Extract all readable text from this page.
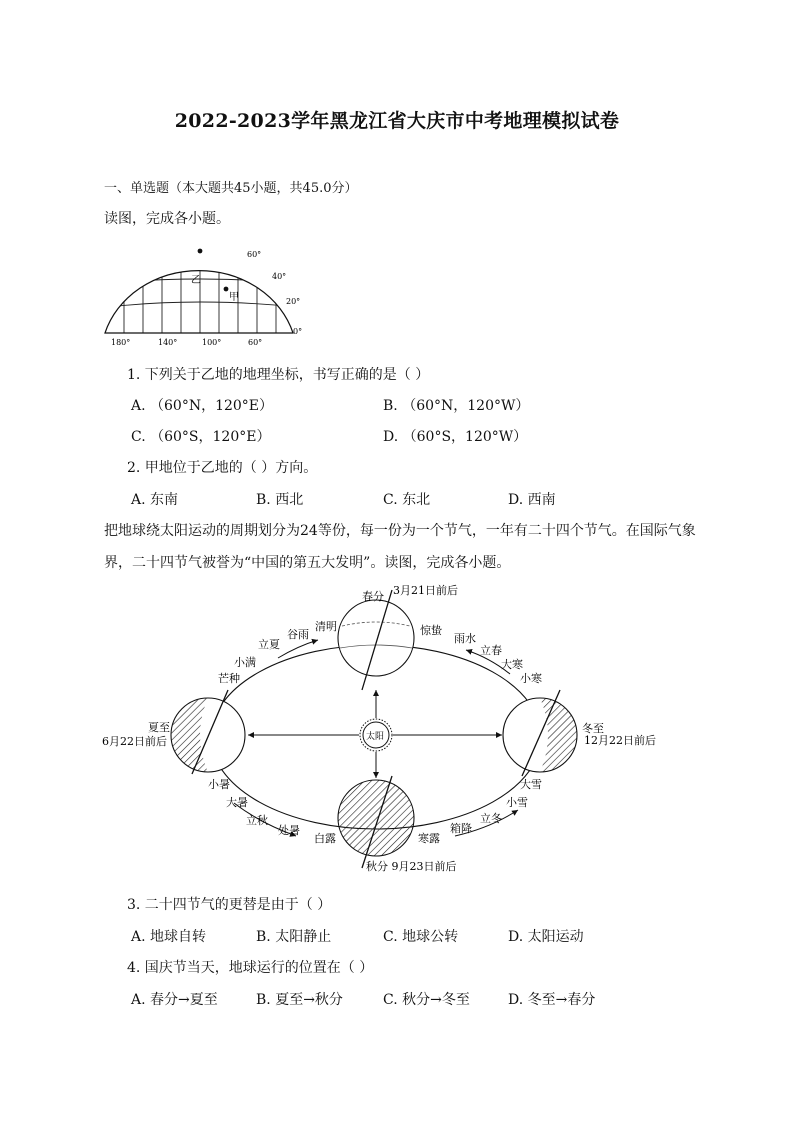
2022-2023学年黑龙江省大庆市中考地理模拟试卷
一、单选题（本大题共45小题，共45.0分）
读图，完成各小题。
乙
甲
60°
40°
20°
0°
180°	140°	100°	60°
1. 下列关于乙地的地理坐标，书写正确的是（ ）
A. （60°N，120°E）	B. （60°N，120°W）
C. （60°S，120°E）	D. （60°S，120°W）
2. 甲地位于乙地的（ ）方向。
A. 东南	B. 西北	C. 东北	D. 西南
把地球绕太阳运动的周期划分为24等份，每一份为一个节气，一年有二十四个节气。在国际气象
界，二十四节气被誉为“中国的第五大发明”。读图，完成各小题。
太阳
春分 3月21日前后
夏至
6月22日前后
冬至
12月22日前后
秋分 9月23日前后
清明
谷雨
立夏
小满
芒种
惊蛰
雨水
立春
大寒
小寒
小暑
大暑
立秋
处暑
白露
大雪
小雪
立冬
箱降
寒露
3. 二十四节气的更替是由于（ ）
A. 地球自转	B. 太阳静止	C. 地球公转	D. 太阳运动
4. 国庆节当天，地球运行的位置在（ ）
A. 春分→夏至	B. 夏至→秋分	C. 秋分→冬至	D. 冬至→春分
